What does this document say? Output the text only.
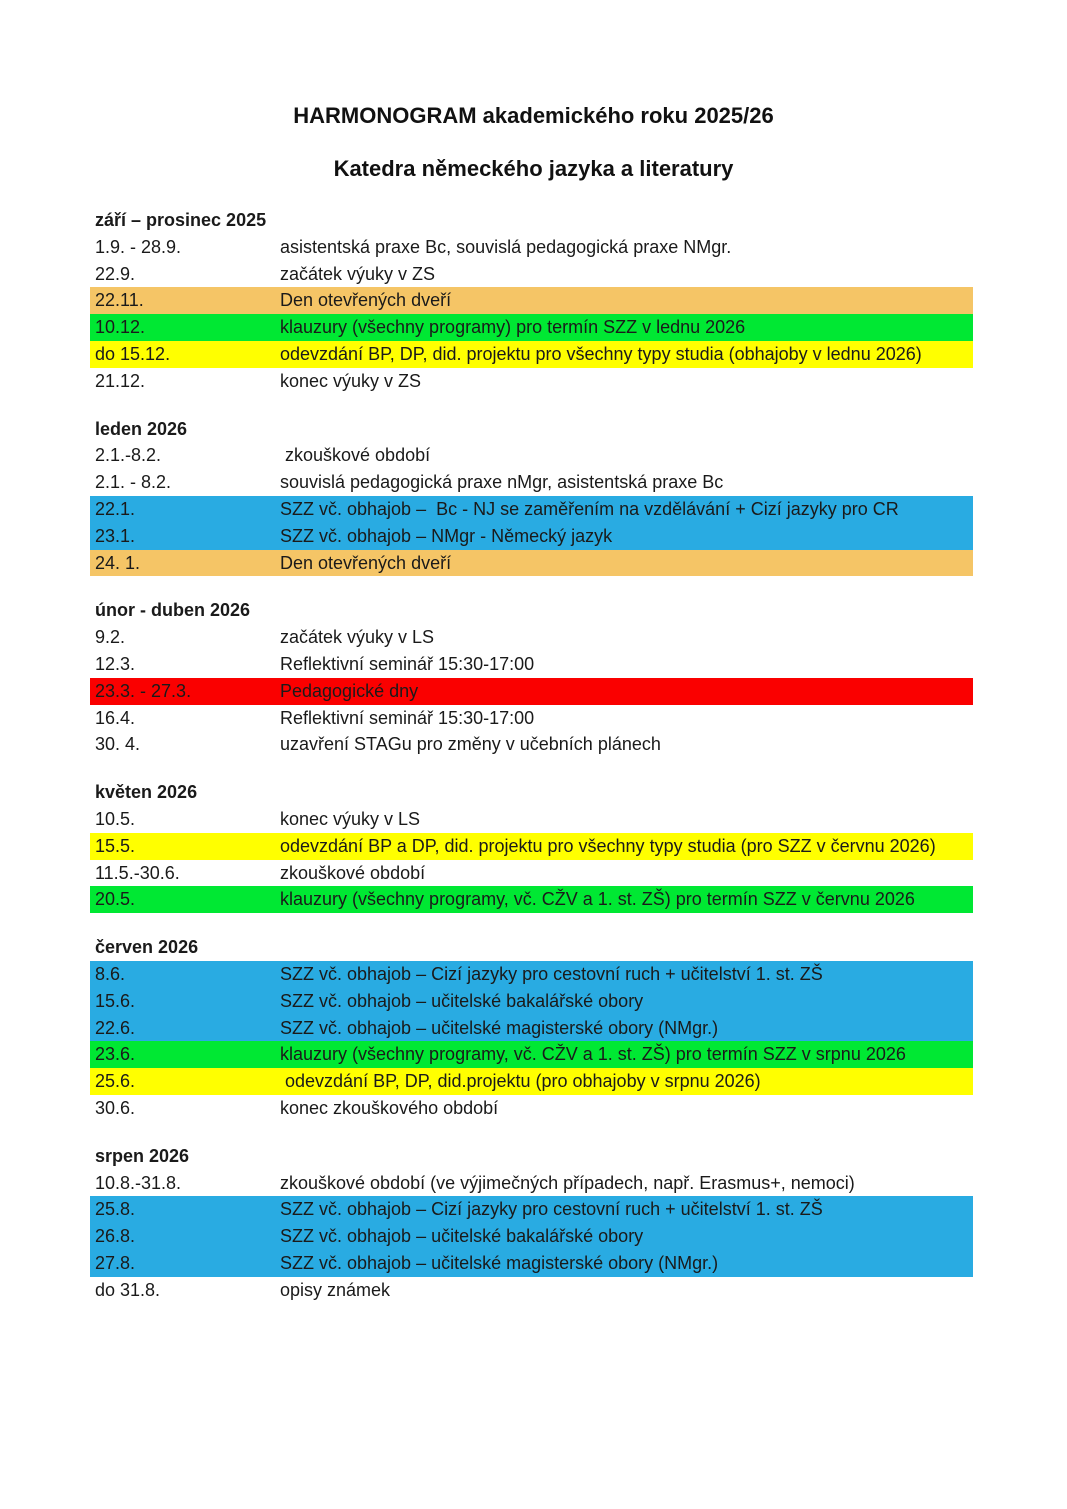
HARMONOGRAM akademického roku 2025/26
Katedra německého jazyka a literatury
září – prosinec 2025
1.9. - 28.9.	asistentská praxe Bc, souvislá pedagogická praxe NMgr.
22.9.	začátek výuky v ZS
22.11.	Den otevřených dveří
10.12.	klauzury (všechny programy) pro termín SZZ v lednu 2026
do 15.12.	odevzdání BP, DP, did. projektu pro všechny typy studia (obhajoby v lednu 2026)
21.12.	konec výuky v ZS
leden 2026
2.1.-8.2.	zkouškové období
2.1. - 8.2.	souvislá pedagogická praxe nMgr, asistentská praxe Bc
22.1.	SZZ vč. obhajob –  Bc - NJ se zaměřením na vzdělávání + Cizí jazyky pro CR
23.1.	SZZ vč. obhajob – NMgr - Německý jazyk
24. 1.	Den otevřených dveří
únor - duben 2026
9.2.	začátek výuky v LS
12.3.	Reflektivní seminář 15:30-17:00
23.3. - 27.3.	Pedagogické dny
16.4.	Reflektivní seminář 15:30-17:00
30. 4.	uzavření STAGu pro změny v učebních plánech
květen 2026
10.5.	konec výuky v LS
15.5.	odevzdání BP a DP, did. projektu pro všechny typy studia (pro SZZ v červnu 2026)
11.5.-30.6.	zkouškové období
20.5.	klauzury (všechny programy, vč. CŽV a 1. st. ZŠ) pro termín SZZ v červnu 2026
červen 2026
8.6.	SZZ vč. obhajob – Cizí jazyky pro cestovní ruch + učitelství 1. st. ZŠ
15.6.	SZZ vč. obhajob – učitelské bakalářské obory
22.6.	SZZ vč. obhajob – učitelské magisterské obory (NMgr.)
23.6.	klauzury (všechny programy, vč. CŽV a 1. st. ZŠ) pro termín SZZ v srpnu 2026
25.6.	odevzdání BP, DP, did.projektu (pro obhajoby v srpnu 2026)
30.6.	konec zkouškového období
srpen 2026
10.8.-31.8.	zkouškové období (ve výjimečných případech, např. Erasmus+, nemoci)
25.8.	SZZ vč. obhajob – Cizí jazyky pro cestovní ruch + učitelství 1. st. ZŠ
26.8.	SZZ vč. obhajob – učitelské bakalářské obory
27.8.	SZZ vč. obhajob – učitelské magisterské obory (NMgr.)
do 31.8.	opisy známek
